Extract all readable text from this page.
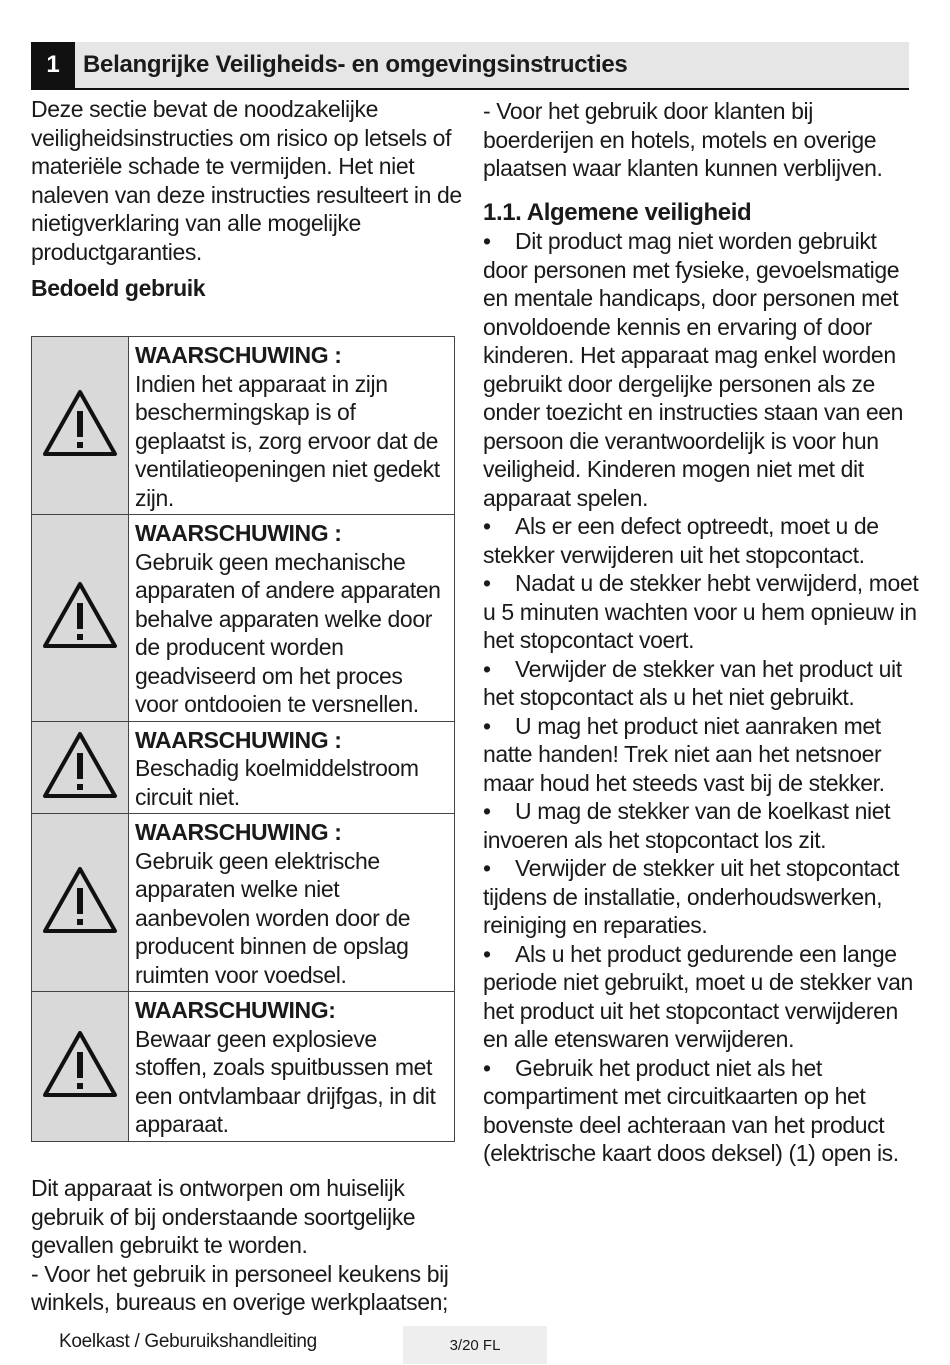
1 Belangrijke Veiligheids- en omgevingsinstructies

Deze sectie bevat de noodzakelijke veiligheidsinstructies om risico op letsels of materiële schade te vermijden. Het niet naleven van deze instructies resulteert in de nietigverklaring van alle mogelijke productgaranties.

Bedoeld gebruik

WAARSCHUWING :
Indien het apparaat in zijn beschermingskap is of geplaatst is, zorg ervoor dat de ventilatieopeningen niet gedekt zijn.

WAARSCHUWING :
Gebruik geen mechanische apparaten of andere apparaten behalve apparaten welke door de producent worden geadviseerd om het proces voor ontdooien te versnellen.

WAARSCHUWING :
Beschadig koelmiddelstroom circuit niet.

WAARSCHUWING :
Gebruik geen elektrische apparaten welke niet aanbevolen worden door de producent binnen de opslag ruimten voor voedsel.

WAARSCHUWING:
Bewaar geen explosieve stoffen, zoals spuitbussen met een ontvlambaar drijfgas, in dit apparaat.

Dit apparaat is ontworpen om huiselijk gebruik of bij onderstaande soortgelijke gevallen gebruikt te worden.

- Voor het gebruik in personeel keukens bij winkels, bureaus en overige werkplaatsen;

- Voor het gebruik door klanten bij boerderijen en hotels, motels en overige plaatsen waar klanten kunnen verblijven.

1.1. Algemene veiligheid

• Dit product mag niet worden gebruikt door personen met fysieke, gevoelsmatige en mentale handicaps, door personen met onvoldoende kennis en ervaring of door kinderen. Het apparaat mag enkel worden gebruikt door dergelijke personen als ze onder toezicht en instructies staan van een persoon die verantwoordelijk is voor hun veiligheid. Kinderen mogen niet met dit apparaat spelen.

• Als er een defect optreedt, moet u de stekker verwijderen uit het stopcontact.

• Nadat u de stekker hebt verwijderd, moet u 5 minuten wachten voor u hem opnieuw in het stopcontact voert.

• Verwijder de stekker van het product uit het stopcontact als u het niet gebruikt.

• U mag het product niet aanraken met natte handen! Trek niet aan het netsnoer maar houd het steeds vast bij de stekker.

• U mag de stekker van de koelkast niet invoeren als het stopcontact los zit.

• Verwijder de stekker uit het stopcontact tijdens de installatie, onderhoudswerken, reiniging en reparaties.

• Als u het product gedurende een lange periode niet gebruikt, moet u de stekker van het product uit het stopcontact verwijderen en alle etenswaren verwijderen.

• Gebruik het product niet als het compartiment met circuitkaarten op het bovenste deel achteraan van het product (elektrische kaart doos deksel) (1) open is.

Koelkast / Geburuikshandleiting	3/20 FL
